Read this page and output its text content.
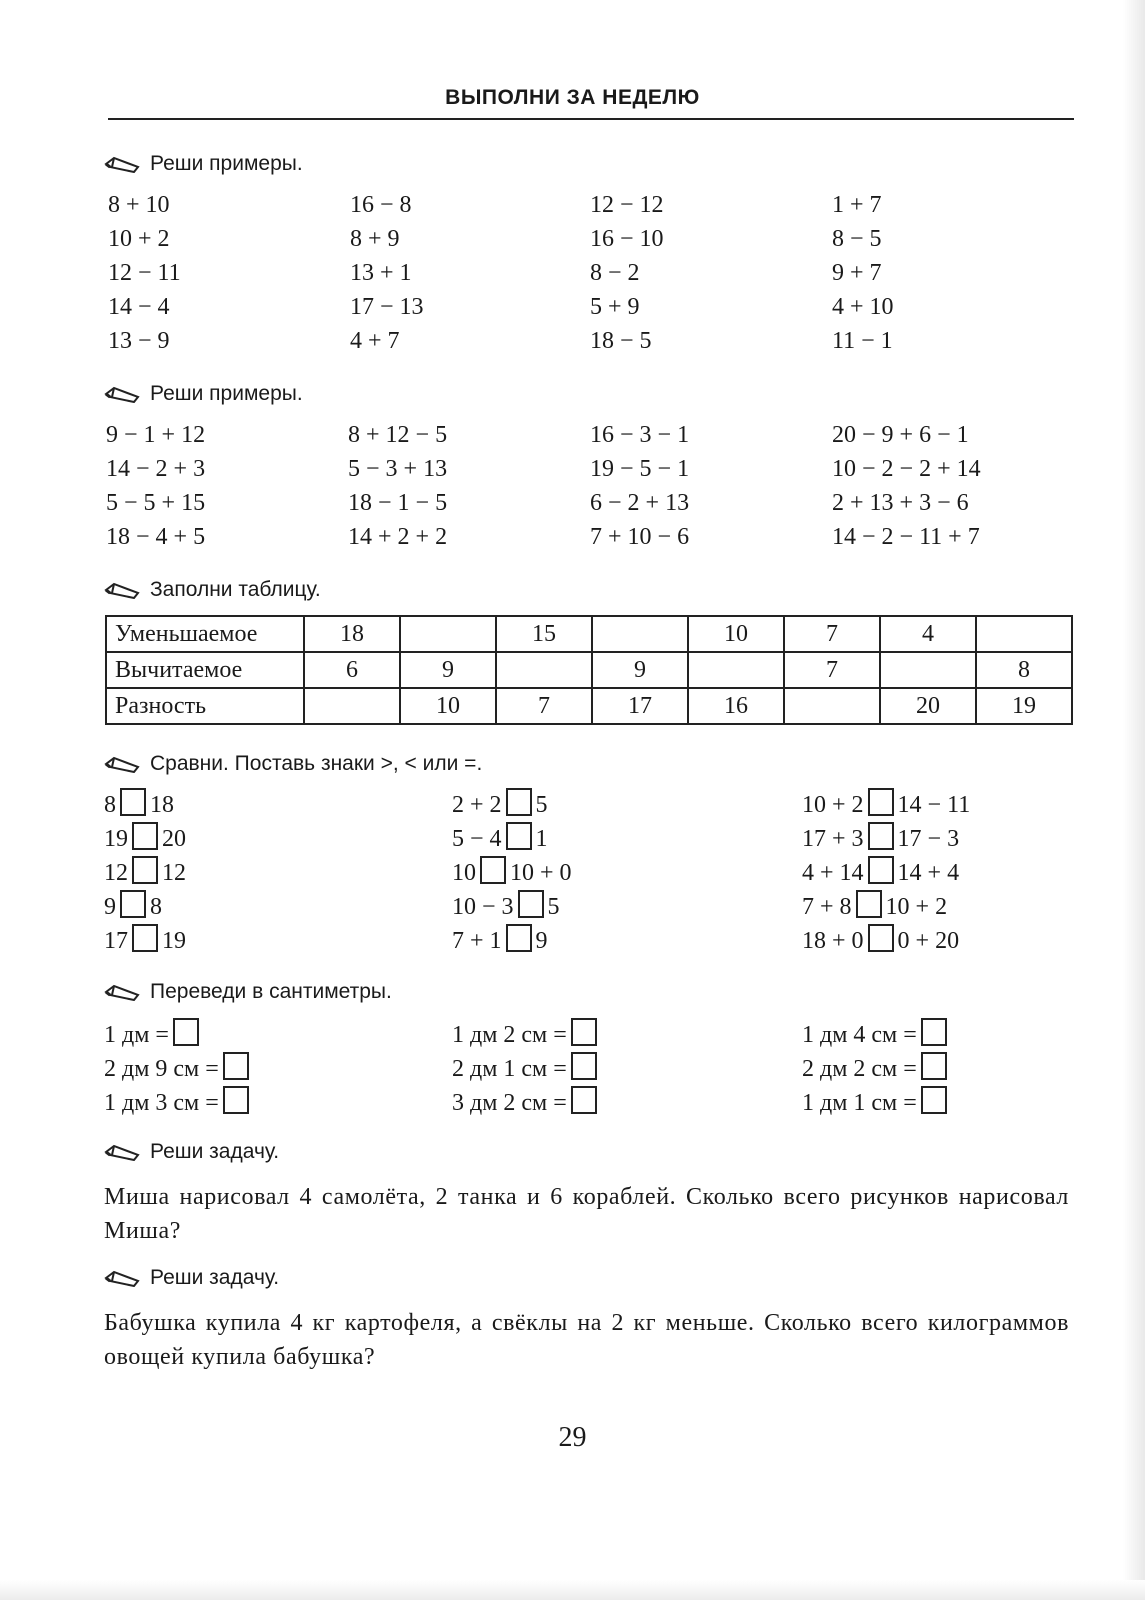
ВЫПОЛНИ ЗА НЕДЕЛЮ
Реши примеры.
8 + 10
10 + 2
12 − 11
14 − 4
13 − 9
16 − 8
8 + 9
13 + 1
17 − 13
4 + 7
12 − 12
16 − 10
8 − 2
5 + 9
18 − 5
1 + 7
8 − 5
9 + 7
4 + 10
11 − 1
Реши примеры.
9 − 1 + 12
14 − 2 + 3
5 − 5 + 15
18 − 4 + 5
8 + 12 − 5
5 − 3 + 13
18 − 1 − 5
14 + 2 + 2
16 − 3 − 1
19 − 5 − 1
6 − 2 + 13
7 + 10 − 6
20 − 9 + 6 − 1
10 − 2 − 2 + 14
2 + 13 + 3 − 6
14 − 2 − 11 + 7
Заполни таблицу.
Уменьшаемое	18		15		10	7	4	
Вычитаемое	6	9		9		7		8
Разность		10	7	17	16		20	19
Сравни. Поставь знаки >, < или =.
8 18
19 20
12 12
9 8
17 19
2 + 2 5
5 − 4 1
10 10 + 0
10 − 3 5
7 + 1 9
10 + 2 14 − 11
17 + 3 17 − 3
4 + 14 14 + 4
7 + 8 10 + 2
18 + 0 0 + 20
Переведи в сантиметры.
1 дм =
2 дм 9 см =
1 дм 3 см =
1 дм 2 см =
2 дм 1 см =
3 дм 2 см =
1 дм 4 см =
2 дм 2 см =
1 дм 1 см =
Реши задачу.
Миша нарисовал 4 самолёта, 2 танка и 6 кораблей. Сколько всего рисунков нарисовал Миша?
Реши задачу.
Бабушка купила 4 кг картофеля, а свёклы на 2 кг меньше. Сколько всего килограммов овощей купила бабушка?
29
